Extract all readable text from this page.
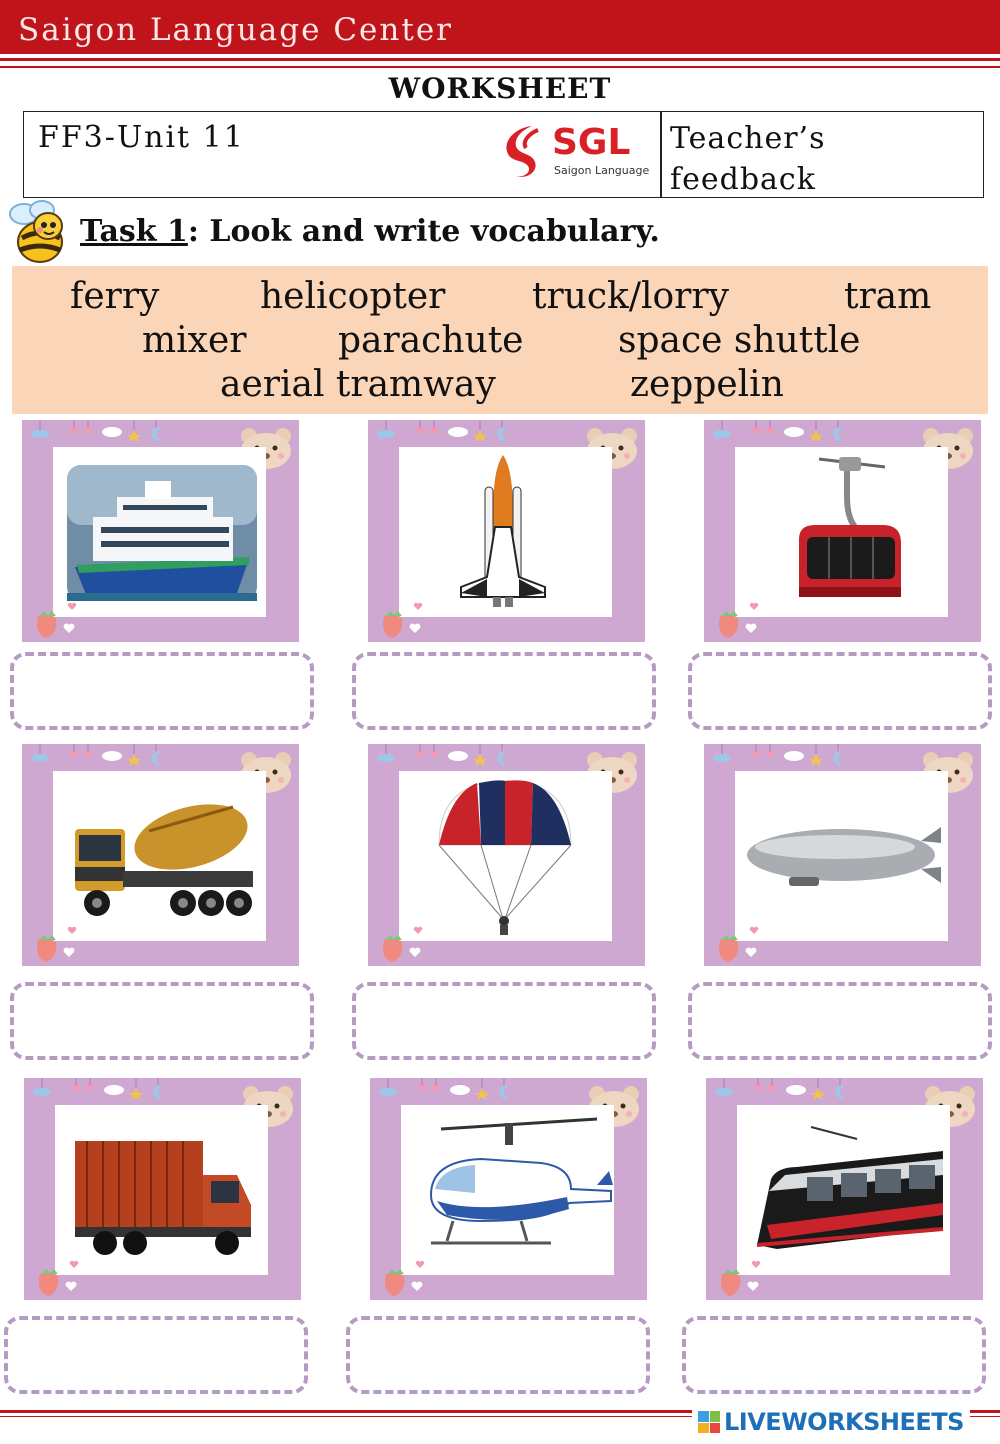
Saigon Language Center
WORKSHEET
FF3-Unit 11	SGL
Saigon Language
Teacher’s
feedback
Task 1: Look and write vocabulary.
ferry	helicopter truck/lorry	tram
mixer	parachute	space shuttle
aerial tramway	zeppelin
LIVEWORKSHEETS
